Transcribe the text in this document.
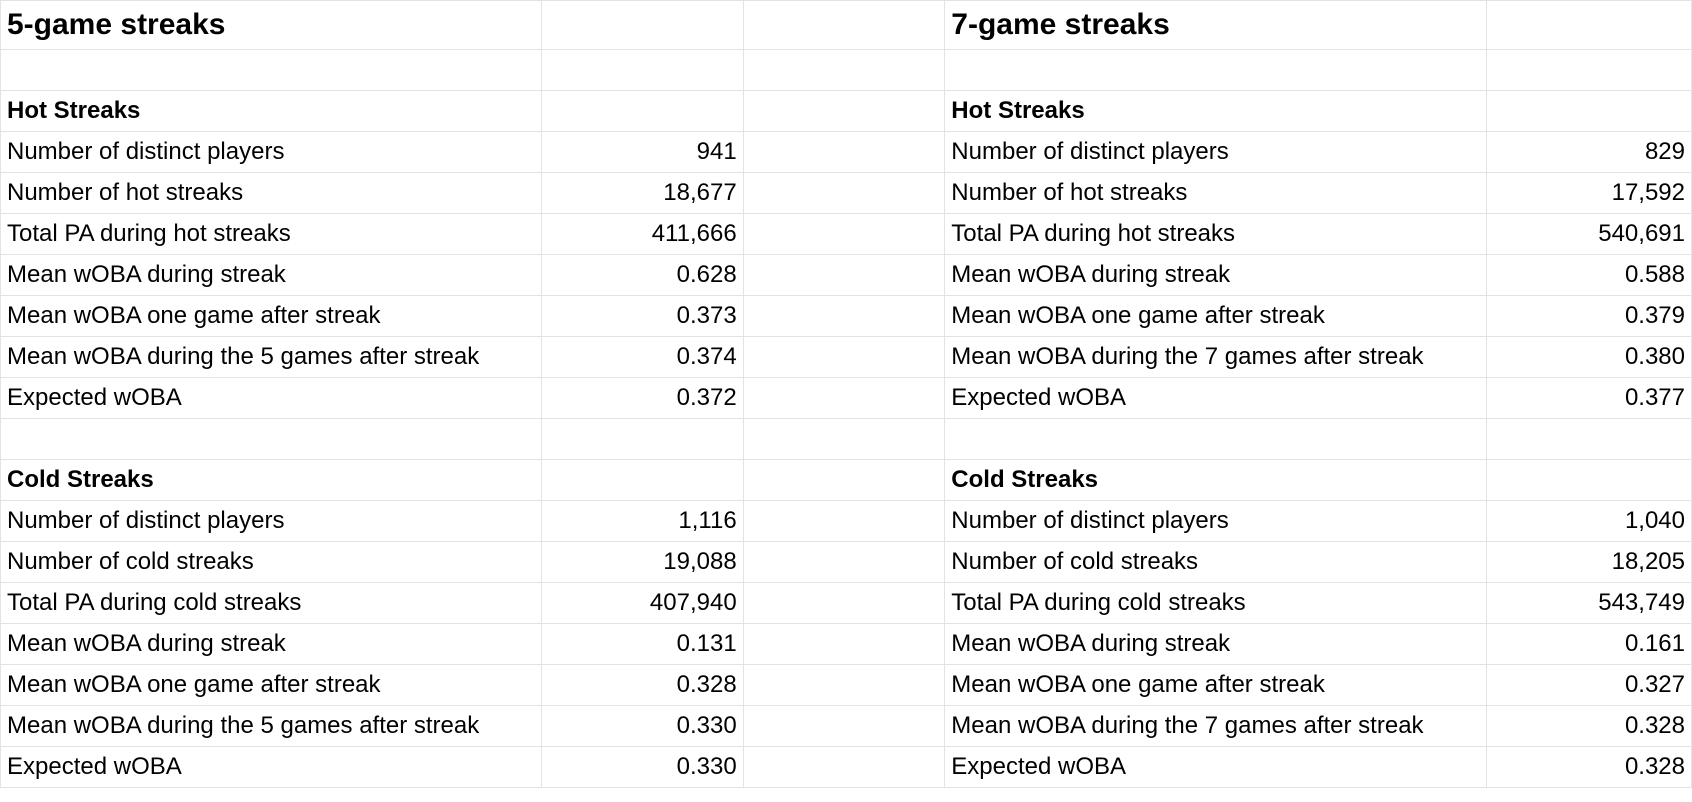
5-game streaks			7-game streaks	

Hot Streaks			Hot Streaks	
Number of distinct players	941		Number of distinct players	829
Number of hot streaks	18,677		Number of hot streaks	17,592
Total PA during hot streaks	411,666		Total PA during hot streaks	540,691
Mean wOBA during streak	0.628		Mean wOBA during streak	0.588
Mean wOBA one game after streak	0.373		Mean wOBA one game after streak	0.379
Mean wOBA during the 5 games after streak	0.374		Mean wOBA during the 7 games after streak	0.380
Expected wOBA	0.372		Expected wOBA	0.377

Cold Streaks			Cold Streaks	
Number of distinct players	1,116		Number of distinct players	1,040
Number of cold streaks	19,088		Number of cold streaks	18,205
Total PA during cold streaks	407,940		Total PA during cold streaks	543,749
Mean wOBA during streak	0.131		Mean wOBA during streak	0.161
Mean wOBA one game after streak	0.328		Mean wOBA one game after streak	0.327
Mean wOBA during the 5 games after streak	0.330		Mean wOBA during the 7 games after streak	0.328
Expected wOBA	0.330		Expected wOBA	0.328
